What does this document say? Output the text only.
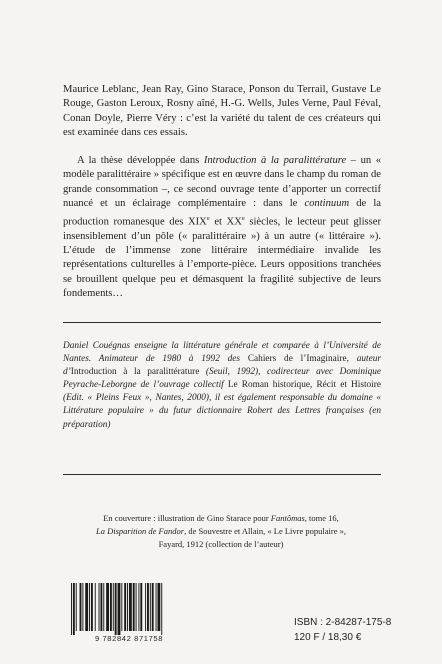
Maurice Leblanc, Jean Ray, Gino Starace, Ponson du Terrail, Gustave Le Rouge, Gaston Leroux, Rosny aîné, H.-G. Wells, Jules Verne, Paul Féval, Conan Doyle, Pierre Véry : c’est la variété du talent de ces créateurs qui est examinée dans ces essais.

A la thèse développée dans Introduction à la paralittérature – un « modèle paralittéraire » spécifique est en œuvre dans le champ du roman de grande consommation –, ce second ouvrage tente d’apporter un correctif nuancé et un éclairage complémentaire : dans le continuum de la production romanesque des XIXe et XXe siècles, le lecteur peut glisser insensiblement d’un pôle (« paralittéraire ») à un autre (« littéraire »). L’étude de l’immense zone littéraire intermédiaire invalide les représentations culturelles à l’emporte-pièce. Leurs oppositions tranchées se brouillent quelque peu et démasquent la fragilité subjective de leurs fondements…

Daniel Couégnas enseigne la littérature générale et comparée à l’Université de Nantes. Animateur de 1980 à 1992 des Cahiers de l’Imaginaire, auteur d’Introduction à la paralittérature (Seuil, 1992), codirecteur avec Dominique Peyrache-Leborgne de l’ouvrage collectif Le Roman historique, Récit et Histoire (Edit. « Pleins Feux », Nantes, 2000), il est également responsable du domaine « Littérature populaire » du futur dictionnaire Robert des Lettres françaises (en préparation)

En couverture : illustration de Gino Starace pour Fantômas, tome 16,
La Disparition de Fandor, de Souvestre et Allain, « Le Livre populaire »,
Fayard, 1912 (collection de l’auteur)
9 782842 871758
ISBN : 2-84287-175-8
120 F / 18,30 €
